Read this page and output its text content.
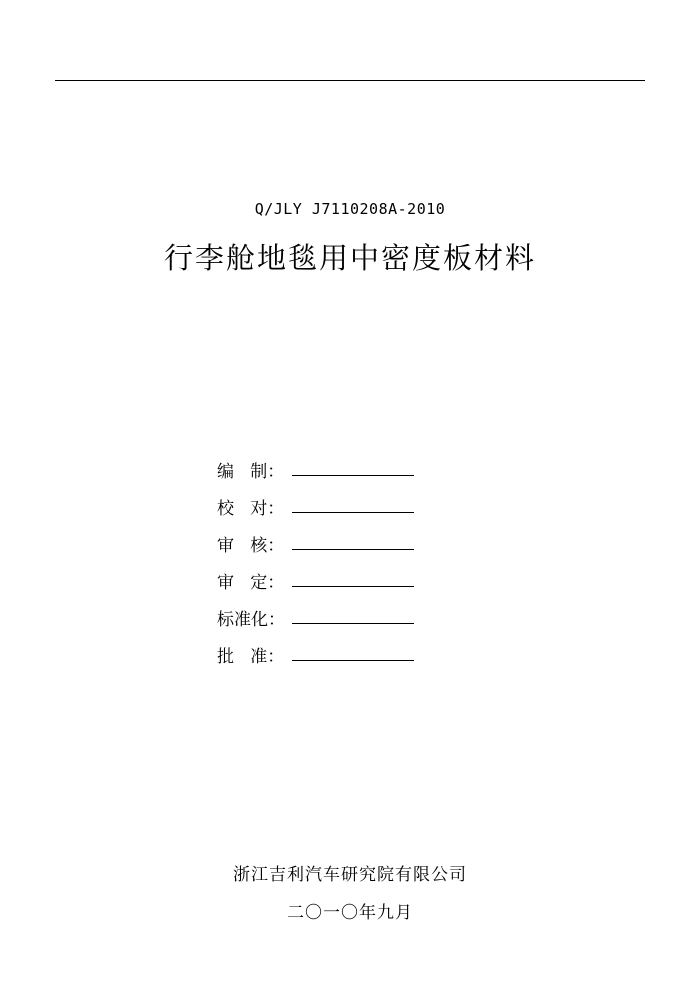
Q/JLY J7110208A-2010
行李舱地毯用中密度板材料
编   制：
校   对：
审   核：
审   定：
标准化：
批   准：
浙江吉利汽车研究院有限公司
二〇一〇年九月
